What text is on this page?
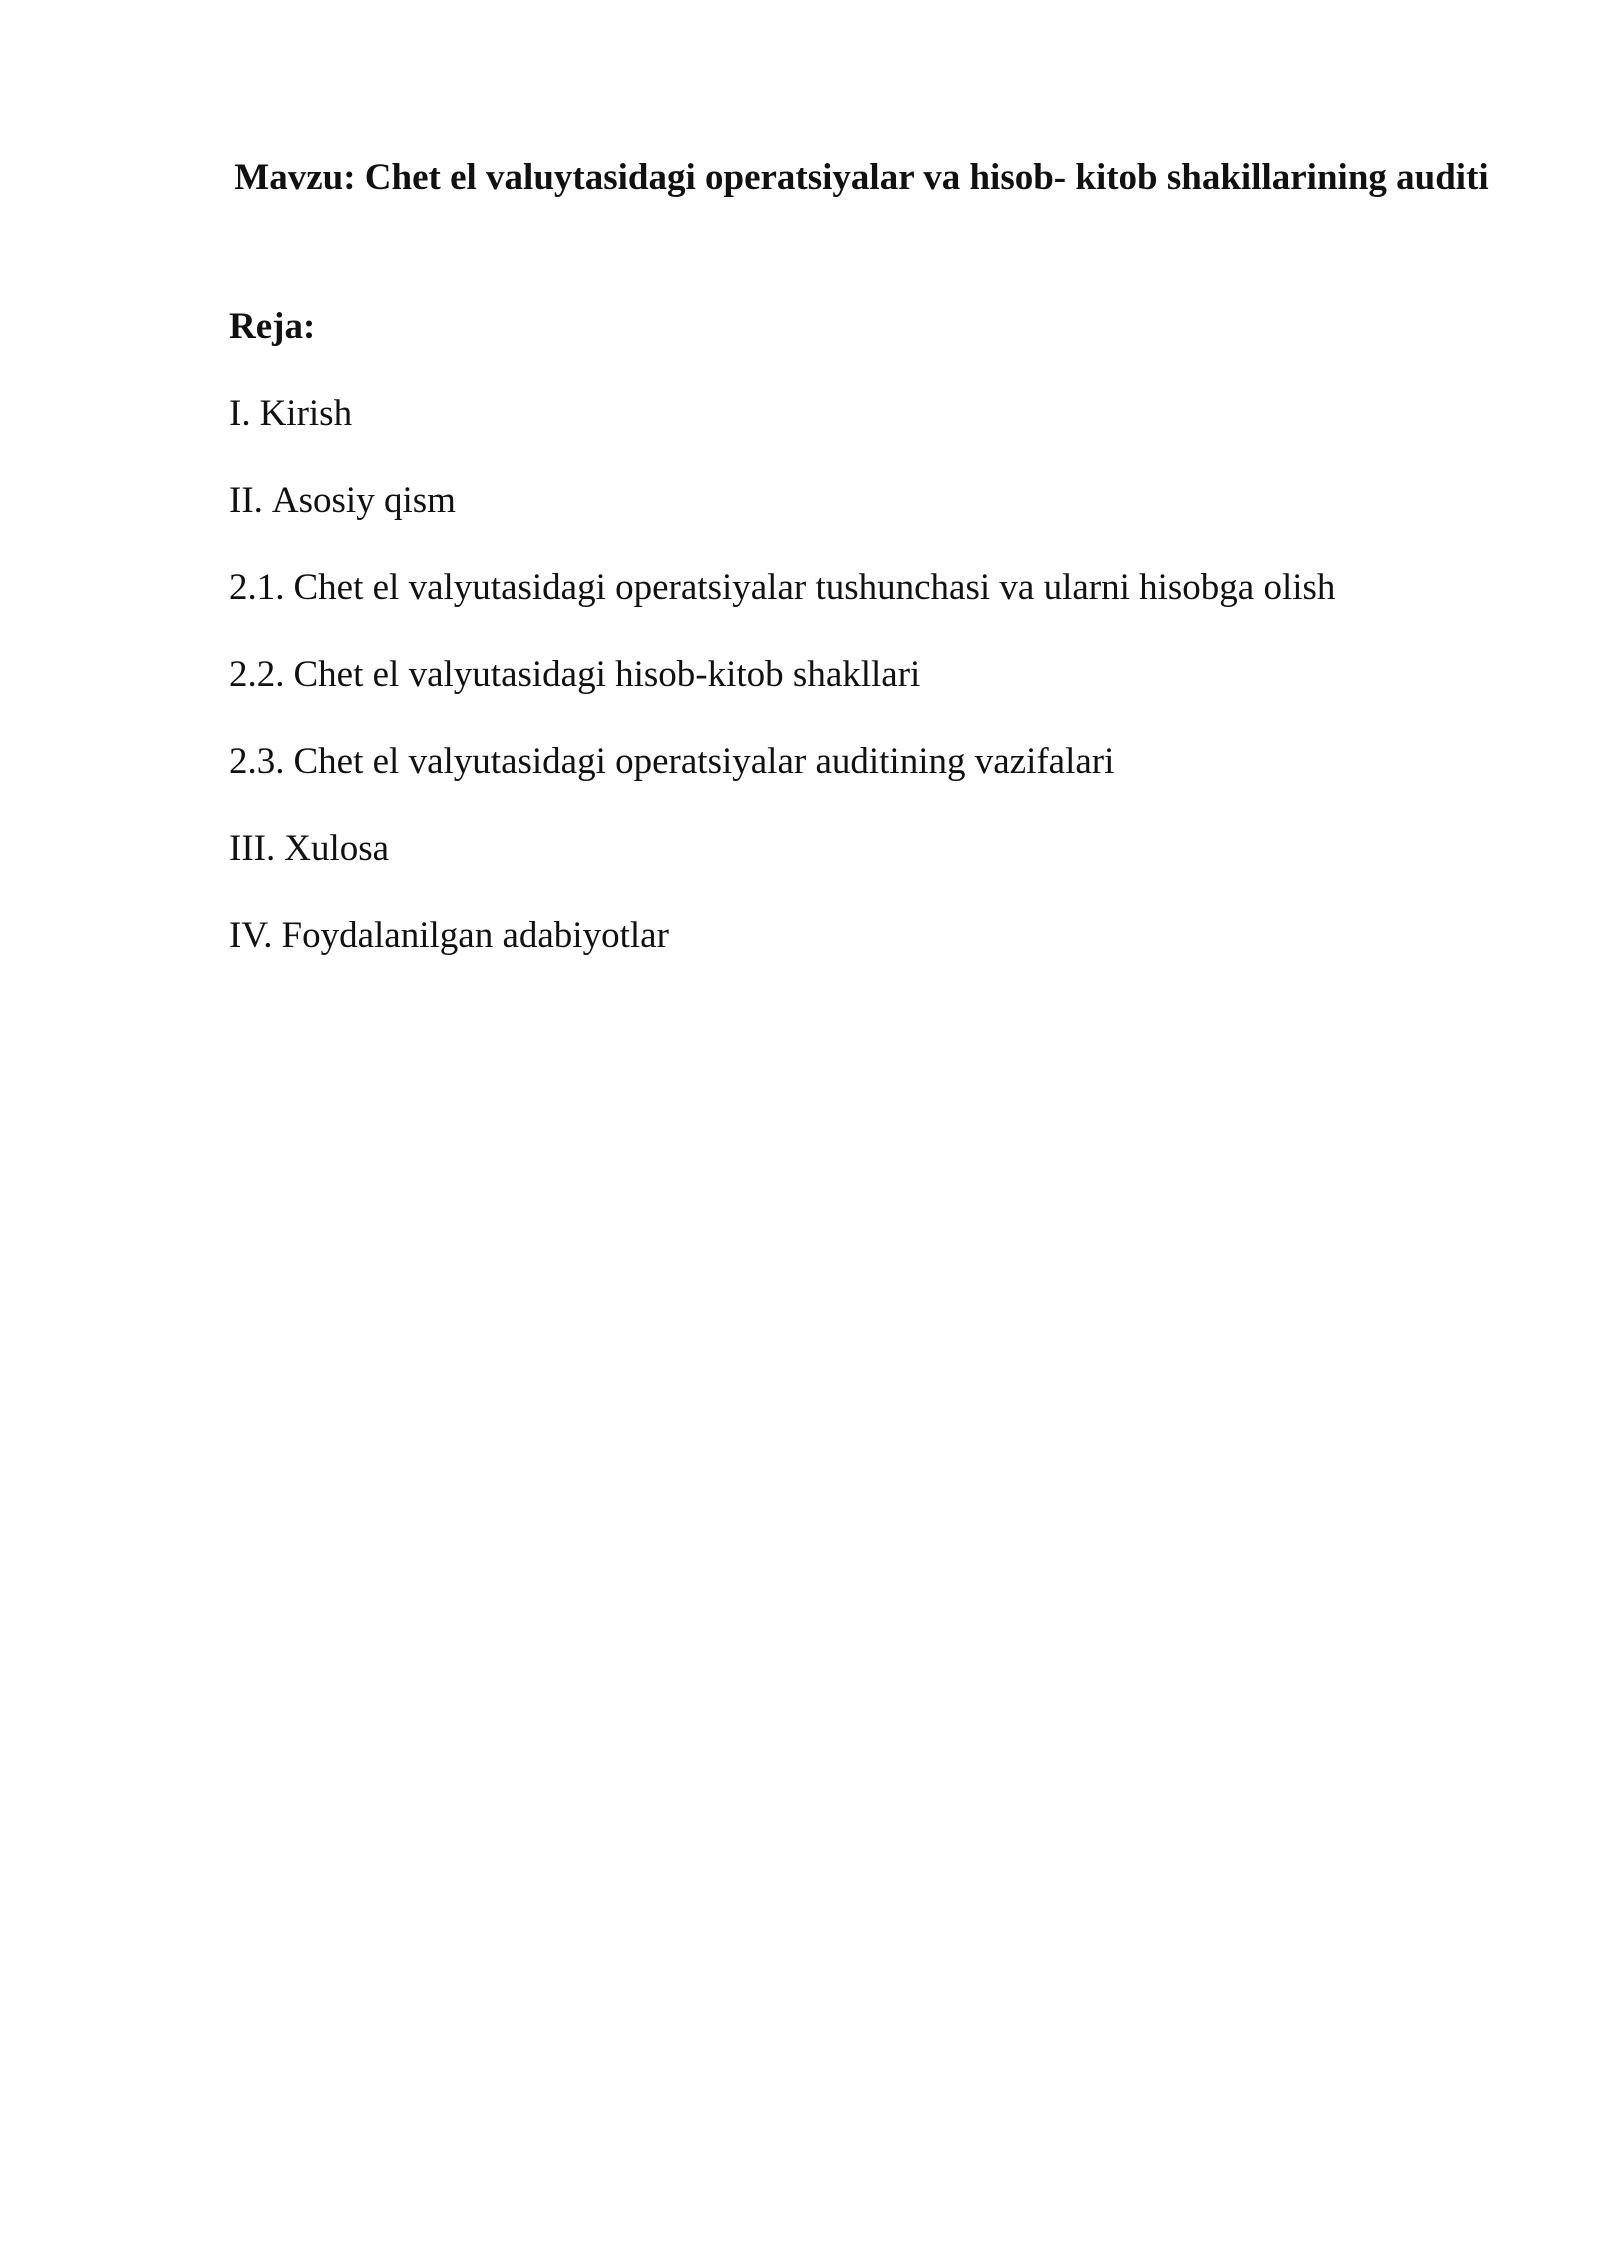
Mavzu: Chet el valuytasidagi operatsiyalar va hisob- kitob shakillarining auditi

Reja:

I. Kirish

II. Asosiy qism

2.1. Chet el valyutasidagi operatsiyalar tushunchasi va ularni hisobga olish

2.2. Chet el valyutasidagi hisob-kitob shakllari

2.3. Chet el valyutasidagi operatsiyalar auditining vazifalari

III. Xulosa

IV. Foydalanilgan adabiyotlar
